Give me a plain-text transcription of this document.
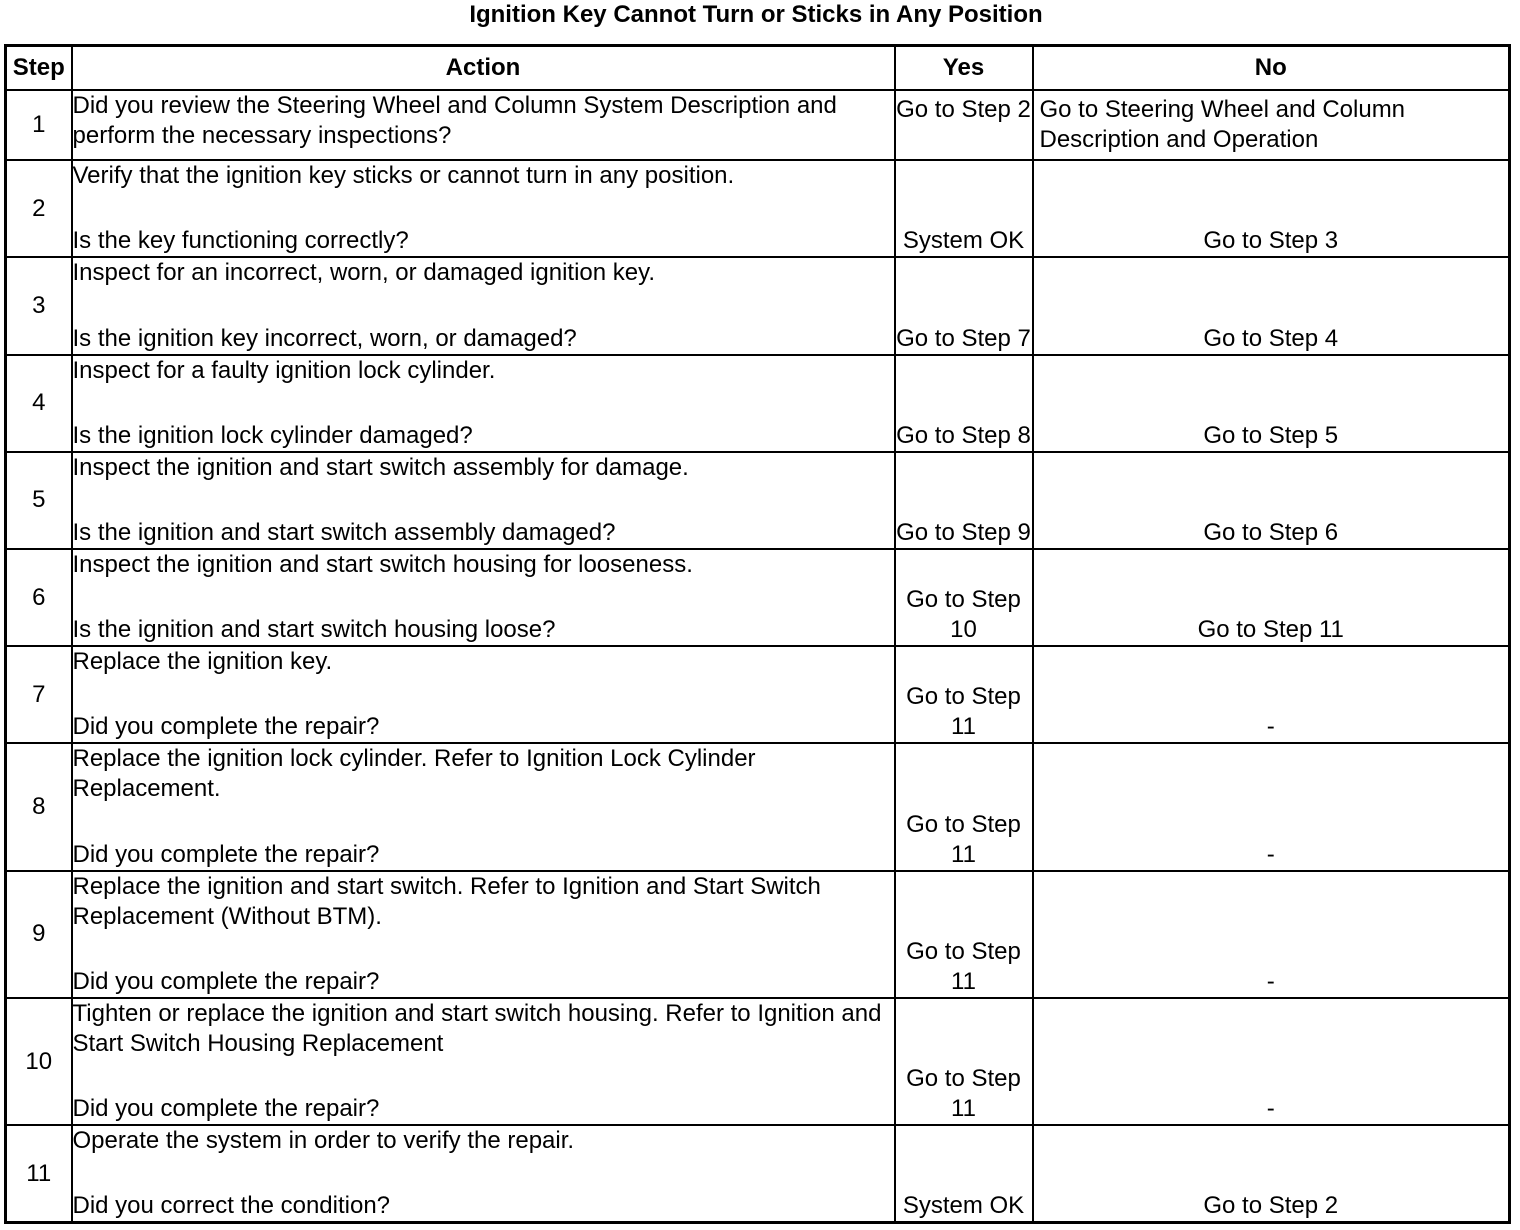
Ignition Key Cannot Turn or Sticks in Any Position
Step	Action	Yes	No
1	Did you review the Steering Wheel and Column System Description and perform the necessary inspections?	Go to Step 2	Go to Steering Wheel and Column Description and Operation
2	Verify that the ignition key sticks or cannot turn in any position.

Is the key functioning correctly?	System OK	Go to Step 3
3	Inspect for an incorrect, worn, or damaged ignition key.

Is the ignition key incorrect, worn, or damaged?	Go to Step 7	Go to Step 4
4	Inspect for a faulty ignition lock cylinder.

Is the ignition lock cylinder damaged?	Go to Step 8	Go to Step 5
5	Inspect the ignition and start switch assembly for damage.

Is the ignition and start switch assembly damaged?	Go to Step 9	Go to Step 6
6	Inspect the ignition and start switch housing for looseness.

Is the ignition and start switch housing loose?	Go to Step 10	Go to Step 11
7	Replace the ignition key.

Did you complete the repair?	Go to Step 11	-
8	Replace the ignition lock cylinder. Refer to Ignition Lock Cylinder Replacement.

Did you complete the repair?	Go to Step 11	-
9	Replace the ignition and start switch. Refer to Ignition and Start Switch Replacement (Without BTM).

Did you complete the repair?	Go to Step 11	-
10	Tighten or replace the ignition and start switch housing. Refer to Ignition and Start Switch Housing Replacement

Did you complete the repair?	Go to Step 11	-
11	Operate the system in order to verify the repair.

Did you correct the condition?	System OK	Go to Step 2
